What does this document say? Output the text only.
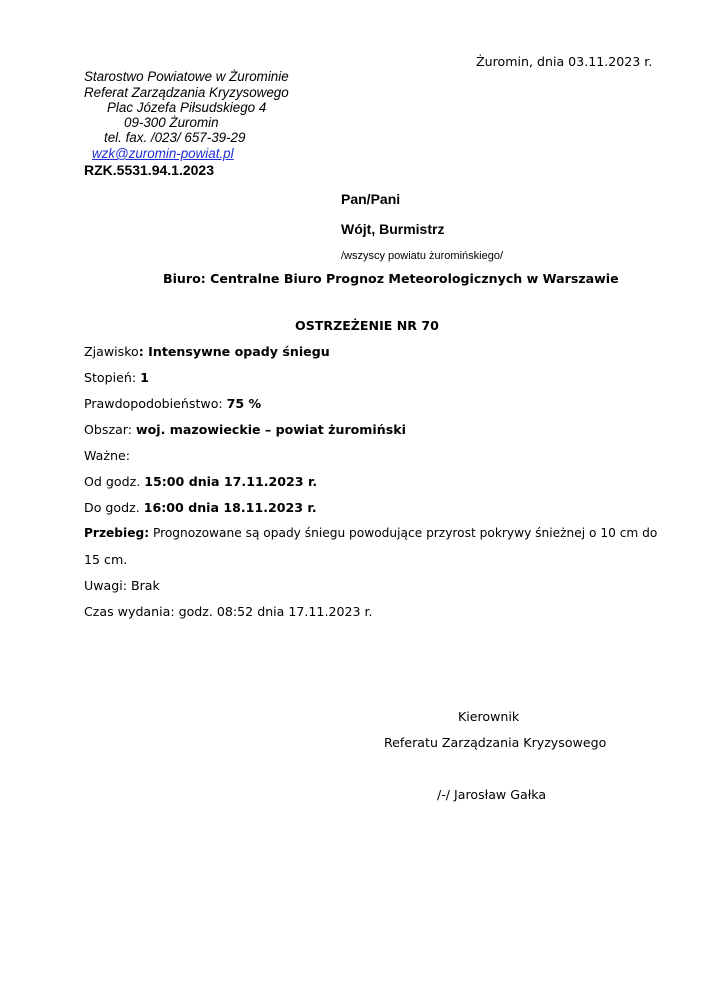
Żuromin, dnia 03.11.2023 r.
Starostwo Powiatowe w Żurominie
Referat Zarządzania Kryzysowego
Plac Józefa Piłsudskiego 4
09-300 Żuromin
tel. fax. /023/ 657-39-29
wzk@zuromin-powiat.pl
RZK.5531.94.1.2023
Pan/Pani
Wójt, Burmistrz
/wszyscy powiatu żuromińskiego/
Biuro: Centralne Biuro Prognoz Meteorologicznych w Warszawie
OSTRZEŻENIE NR 70
Zjawisko: Intensywne opady śniegu
Stopień: 1
Prawdopodobieństwo: 75 %
Obszar: woj. mazowieckie – powiat żuromiński
Ważne:
Od godz. 15:00 dnia 17.11.2023 r.
Do godz. 16:00 dnia 18.11.2023 r.
Przebieg: Prognozowane są opady śniegu powodujące przyrost pokrywy śnieżnej o 10 cm do
15 cm.
Uwagi: Brak
Czas wydania: godz. 08:52 dnia 17.11.2023 r.
Kierownik
Referatu Zarządzania Kryzysowego
/-/ Jarosław Gałka
